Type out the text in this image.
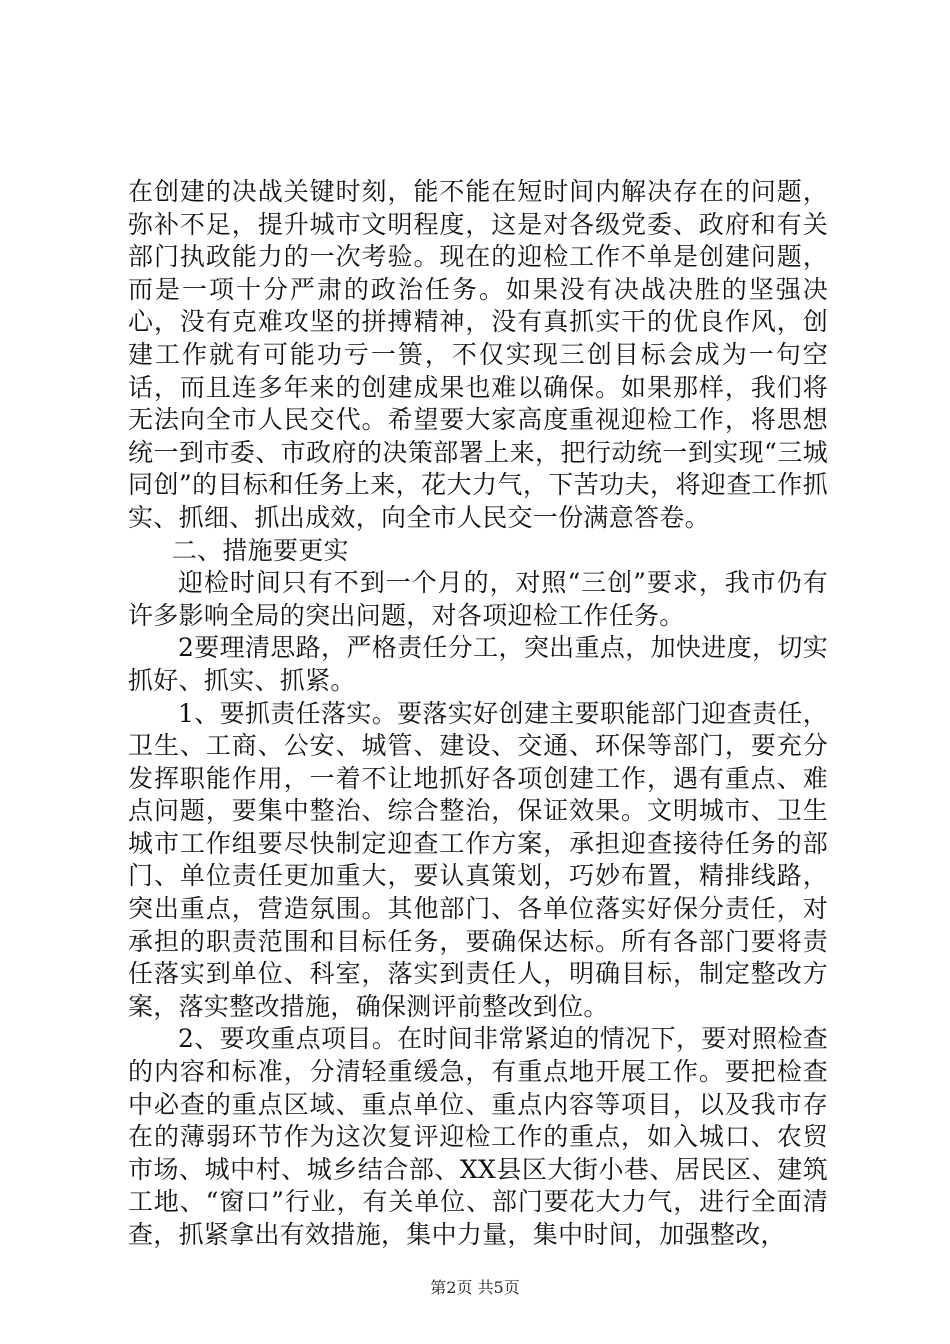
在创建的决战关键时刻，能不能在短时间内解决存在的问题，弥补不足，提升城市文明程度，这是对各级党委、政府和有关部门执政能力的一次考验。现在的迎检工作不单是创建问题，而是一项十分严肃的政治任务。如果没有决战决胜的坚强决心，没有克难攻坚的拼搏精神，没有真抓实干的优良作风，创建工作就有可能功亏一篑，不仅实现三创目标会成为一句空话，而且连多年来的创建成果也难以确保。如果那样，我们将无法向全市人民交代。希望要大家高度重视迎检工作，将思想统一到市委、市政府的决策部署上来，把行动统一到实现“三城同创”的目标和任务上来，花大力气，下苦功夫，将迎查工作抓实、抓细、抓出成效，向全市人民交一份满意答卷。

二、措施要更实

迎检时间只有不到一个月的，对照“三创”要求，我市仍有许多影响全局的突出问题，对各项迎检工作任务。

2要理清思路，严格责任分工，突出重点，加快进度，切实抓好、抓实、抓紧。

1、要抓责任落实。要落实好创建主要职能部门迎查责任，卫生、工商、公安、城管、建设、交通、环保等部门，要充分发挥职能作用，一着不让地抓好各项创建工作，遇有重点、难点问题，要集中整治、综合整治，保证效果。文明城市、卫生城市工作组要尽快制定迎查工作方案，承担迎查接待任务的部门、单位责任更加重大，要认真策划，巧妙布置，精排线路，突出重点，营造氛围。其他部门、各单位落实好保分责任，对承担的职责范围和目标任务，要确保达标。所有各部门要将责任落实到单位、科室，落实到责任人，明确目标，制定整改方案，落实整改措施，确保测评前整改到位。

2、要攻重点项目。在时间非常紧迫的情况下，要对照检查的内容和标准，分清轻重缓急，有重点地开展工作。要把检查中必查的重点区域、重点单位、重点内容等项目，以及我市存在的薄弱环节作为这次复评迎检工作的重点，如入城口、农贸市场、城中村、城乡结合部、XX县区大街小巷、居民区、建筑工地、“窗口”行业，有关单位、部门要花大力气，进行全面清查，抓紧拿出有效措施，集中力量，集中时间，加强整改，

第2页 共5页
